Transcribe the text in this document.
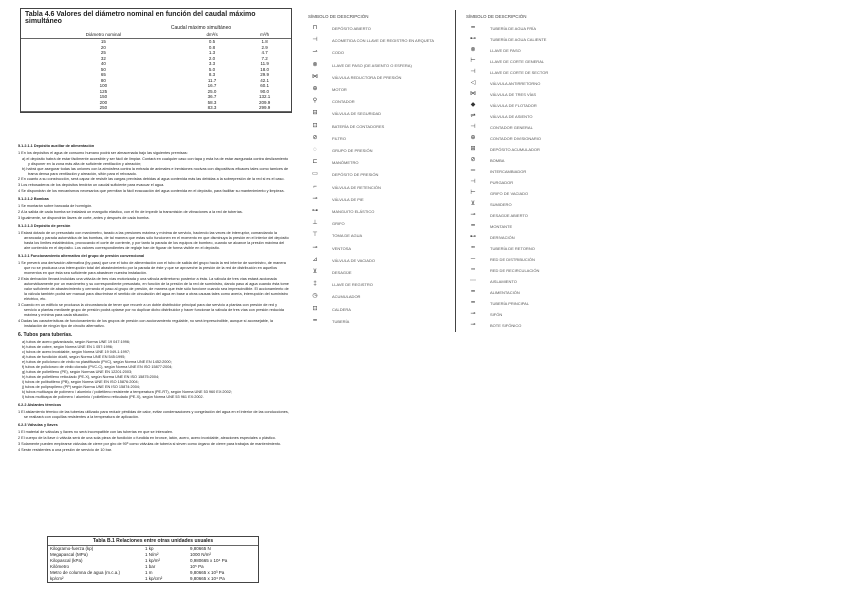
Tabla 4.6 Valores del diámetro nominal en función del caudal máximo simultáneo
Caudal máximo simultáneo
Diámetro nominal	dm³/s	m³/h
15	0.5	1.8
20	0.8	2.9
25	1.3	4.7
32	2.0	7.2
40	3.3	11.9
50	5.0	18.0
65	8.3	29.9
80	11.7	42.1
100	16.7	60.1
125	25.0	90.0
150	36.7	132.1
200	58.3	209.9
250	83.3	299.9
5.1.2.1.1 Depósito auxiliar de alimentación
1 En los depósitos el agua de consumo humano podrá ser almacenada bajo las siguientes premisas:
a) el depósito habrá de estar fácilmente accesible y ser fácil de limpiar. Contará en cualquier caso con tapa y esta ha de estar asegurada contra deslizamiento y disponer en la zona más alta de suficiente ventilación y aireación;
b) habrá que asegurar todas las uniones con la atmósfera contra la entrada de animales e inmisiones nocivas con dispositivos eficaces tales como tamices de trama densa para ventilación y aireación, sifón para el rebosado.
2 En cuanto a su construcción, será capaz de resistir las cargas previstas debidas al agua contenida más las debidas a la sobrepresión de la red si es el caso.
3 Los rebosaderos de los depósitos tendrán un caudal suficiente para evacuar el agua.
4 Se dispondrán de los mecanismos necesarios que permitan la fácil evacuación del agua contenida en el depósito, para facilitar su mantenimiento y limpieza.
5.1.2.1.2 Bombas
1 Se montarán sobre bancada de hormigón.
2 A la salida de cada bomba se instalará un manguito elástico, con el fin de impedir la transmisión de vibraciones a la red de tuberías.
3 Igualmente, se dispondrán llaves de corte, antes y después de cada bomba.
5.1.2.1.3 Depósito de presión
1 Estará dotado de un presostato con manómetro, tarado a las presiones máxima y mínima de servicio, haciendo las veces de interruptor, comandando la arrancada y parada automática de las bombas, de tal manera que estas sólo funcionen en el momento en que disminuya la presión en el interior del depósito hasta los límites establecidos, provocando el corte de corriente, y por tanto la parada de los equipos de bombeo, cuando se alcance la presión máxima del aire contenido en el depósito. Los valores correspondientes de reglaje han de figurar de forma visible en el depósito.
5.1.2.1 Funcionamiento alternativo del grupo de presión convencional
1 Se preverá una derivación alternativa (by-pass) que une el tubo de alimentación con el tubo de salida del grupo hacia la red interior de suministro, de manera que no se produzca una interrupción total del abastecimiento por la parada de éste y que se aproveche la presión de la red de distribución en aquellos momentos en que ésta sea suficiente para abastecer nuestra instalación.
2 Esta derivación llevará incluidas una válvula de tres vías motorizada y una válvula antirretorno posterior a ésta. La válvula de tres vías estará accionada automáticamente por un manómetro y su correspondiente presostato, en función de la presión de la red de suministro, dando paso al agua cuando ésta tome valor suficiente de abastecimiento y cerrando el paso al grupo de presión, de manera que éste sólo funcione cuando sea imprescindible. El accionamiento de la válvula también podrá ser manual para discriminar el sentido de circulación del agua en base a otras causas tales como avería, interrupción del suministro eléctrico, etc.
3 Cuando en un edificio se produzca la circunstancia de tener que recurrir a un doble distribuidor principal para dar servicio a plantas con presión de red y servicio a plantas mediante grupo de presión podrá optarse por no duplicar dicho distribuidor y hacer funcionar la válvula de tres vías con presión reducida máxima y mínima para cada situación.
4 Dadas las características de funcionamiento de los grupos de presión con accionamiento regulable, no será imprescindible, aunque sí aconsejable, la instalación de ningún tipo de circuito alternativo.
6. Tubos para tuberías.
a) tubos de acero galvanizado, según Norma UNE 19 047:1996;
b) tubos de cobre, según Norma UNE EN 1 057:1996;
c) tubos de acero inoxidable, según Norma UNE 19 049-1:1997;
d) tubos de fundición dúctil, según Norma UNE EN 545:1995;
e) tubos de policloruro de vinilo no plastificado (PVC), según Norma UNE EN 1452:2000;
f) tubos de policloruro de vinilo clorado (PVC-C), según Norma UNE EN ISO 15877:2004;
g) tubos de polietileno (PE), según Normas UNE EN 12201:2003;
h) tubos de polietileno reticulado (PE-X), según Norma UNE EN ISO 15875:2004;
i) tubos de polibutileno (PB), según Norma UNE EN ISO 15876:2004;
j) tubos de polipropileno (PP) según Norma UNE EN ISO 15874:2004;
k) tubos multicapa de polímero / aluminio / polietileno resistente a temperatura (PE-RT), según Norma UNE 53 960 EX:2002;
l) tubos multicapa de polímero / aluminio / polietileno reticulado (PE-X), según Norma UNE 53 961 EX:2002.
6.2.2 Aislantes térmicos
1 El aislamiento térmico de las tuberías utilizado para reducir pérdidas de calor, evitar condensaciones y congelación del agua en el interior de las conducciones, se realizará con coquillas resistentes a la temperatura de aplicación.
6.2.3 Válvulas y llaves
1 El material de válvulas y llaves no será incompatible con las tuberías en que se intercalen.
2 El cuerpo de la llave ó válvula será de una sola pieza de fundición o fundida en bronce, latón, acero, acero inoxidable, aleaciones especiales o plástico.
3 Solamente pueden emplearse válvulas de cierre por giro de 90º como válvulas de tubería si sirven como órgano de cierre para trabajos de mantenimiento.
4 Serán resistentes a una presión de servicio de 10 bar.
Tabla B.1 Relaciones entre otras unidades usuales
Kilogramo-fuerza (kp)	1 kp	9,80665 N
Megapascal (MPa)	1 N/m²	1000 N/m²
Kilopascal (kPa)	1 kp/m²	0,980665 x 10⁴ Pa
Kilómetro	1 bar	10⁵ Pa
Metro de columna de agua (m.c.a.)	1 m	9,80665 x 10³ Pa
kp/cm²	1 kp/cm²	9,80665 x 10⁴ Pa
SÍMBOLO DE DESCRIPCIÓN
⊓	DEPÓSITO ABIERTO
⊣	ACOMETIDA CON LLAVE DE REGISTRO EN ARQUETA
⇀	CODO
⊗	LLAVE DE PASO (DE ASIENTO O ESFERA)
⋈	VÁLVULA REDUCTORA DE PRESIÓN
⊕	MOTOR
⚲	CONTADOR
⊟	VÁLVULA DE SEGURIDAD
⊡	BATERÍA DE CONTADORES
⊘	FILTRO
◌	GRUPO DE PRESIÓN
⊏	MANÓMETRO
▭	DEPÓSITO DE PRESIÓN
⌐	VÁLVULA DE RETENCIÓN
⊸	VÁLVULA DE PIE
⊶	MANGUITO ELÁSTICO
⊥	GRIFO
⊤	TOMA DE AGUA
⊸	VENTOSA
⊿	VÁLVULA DE VACIADO
⊻	DESAGÜE
‡	LLAVE DE REGISTRO
◷	ACUMULADOR
⊡	CALDERA
━	TUBERÍA
SÍMBOLO DE DESCRIPCIÓN
━	TUBERÍA DE AGUA FRÍA
⊷	TUBERÍA DE AGUA CALIENTE
⊗	LLAVE DE PASO
⊢	LLAVE DE CORTE GENERAL
⊣	LLAVE DE CORTE DE SECTOR
◁	VÁLVULA ANTIRRETORNO
⋈	VÁLVULA DE TRES VÍAS
◆	VÁLVULA DE FLOTADOR
⇌	VÁLVULA DE ASIENTO
⊣	CONTADOR GENERAL
⊕	CONTADOR DIVISIONARIO
⊞	DEPÓSITO ACUMULADOR
⊘	BOMBA
═	INTERCAMBIADOR
⊣	PURGADOR
⊢	GRIFO DE VACIADO
⊻	SUMIDERO
⊸	DESAGÜE ABIERTO
━	MONTANTE
⊷	DERIVACIÓN
╍	TUBERÍA DE RETORNO
─	RED DE DISTRIBUCIÓN
┅	RED DE RECIRCULACIÓN
⋯	AISLAMIENTO
━	ALIMENTACIÓN
━	TUBERÍA PRINCIPAL
⊸	SIFÓN
⊸	BOTE SIFÓNICO
